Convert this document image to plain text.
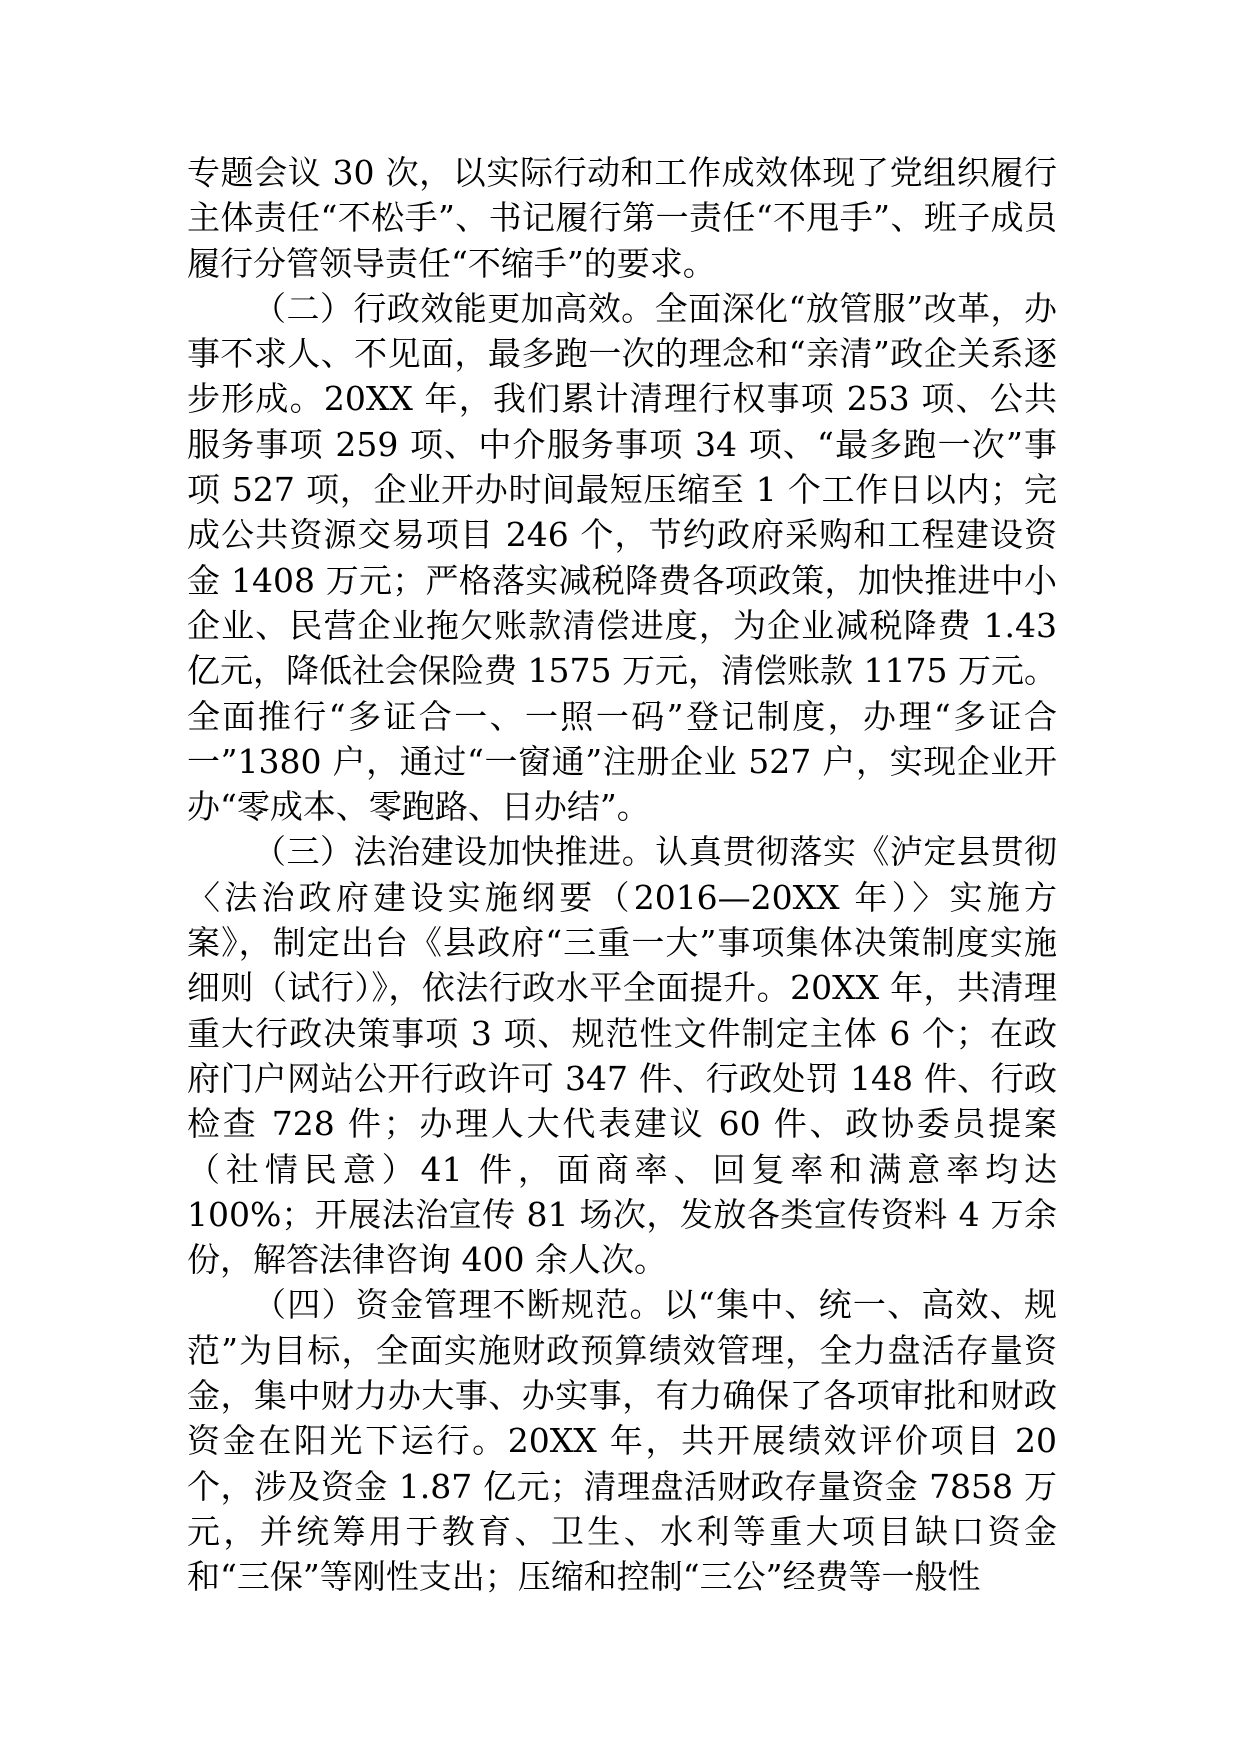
专题会议 30 次，以实际行动和工作成效体现了党组织履行主体责任“不松手”、书记履行第一责任“不甩手”、班子成员履行分管领导责任“不缩手”的要求。

（二）行政效能更加高效。全面深化“放管服”改革，办事不求人、不见面，最多跑一次的理念和“亲清”政企关系逐步形成。20XX 年，我们累计清理行权事项 253 项、公共服务事项 259 项、中介服务事项 34 项、“最多跑一次”事项 527 项，企业开办时间最短压缩至 1 个工作日以内；完成公共资源交易项目 246 个，节约政府采购和工程建设资金 1408 万元；严格落实减税降费各项政策，加快推进中小企业、民营企业拖欠账款清偿进度，为企业减税降费 1.43 亿元，降低社会保险费 1575 万元，清偿账款 1175 万元。全面推行“多证合一、一照一码”登记制度，办理“多证合一”1380 户，通过“一窗通”注册企业 527 户，实现企业开办“零成本、零跑路、日办结”。

（三）法治建设加快推进。认真贯彻落实《泸定县贯彻〈法治政府建设实施纲要（2016—20XX 年）〉实施方案》，制定出台《县政府“三重一大”事项集体决策制度实施细则（试行）》，依法行政水平全面提升。20XX 年，共清理重大行政决策事项 3 项、规范性文件制定主体 6 个；在政府门户网站公开行政许可 347 件、行政处罚 148 件、行政检查 728 件；办理人大代表建议 60 件、政协委员提案（社情民意）41 件，面商率、回复率和满意率均达 100%；开展法治宣传 81 场次，发放各类宣传资料 4 万余份，解答法律咨询 400 余人次。

（四）资金管理不断规范。以“集中、统一、高效、规范”为目标，全面实施财政预算绩效管理，全力盘活存量资金，集中财力办大事、办实事，有力确保了各项审批和财政资金在阳光下运行。20XX 年，共开展绩效评价项目 20 个，涉及资金 1.87 亿元；清理盘活财政存量资金 7858 万元，并统筹用于教育、卫生、水利等重大项目缺口资金和“三保”等刚性支出；压缩和控制“三公”经费等一般性
